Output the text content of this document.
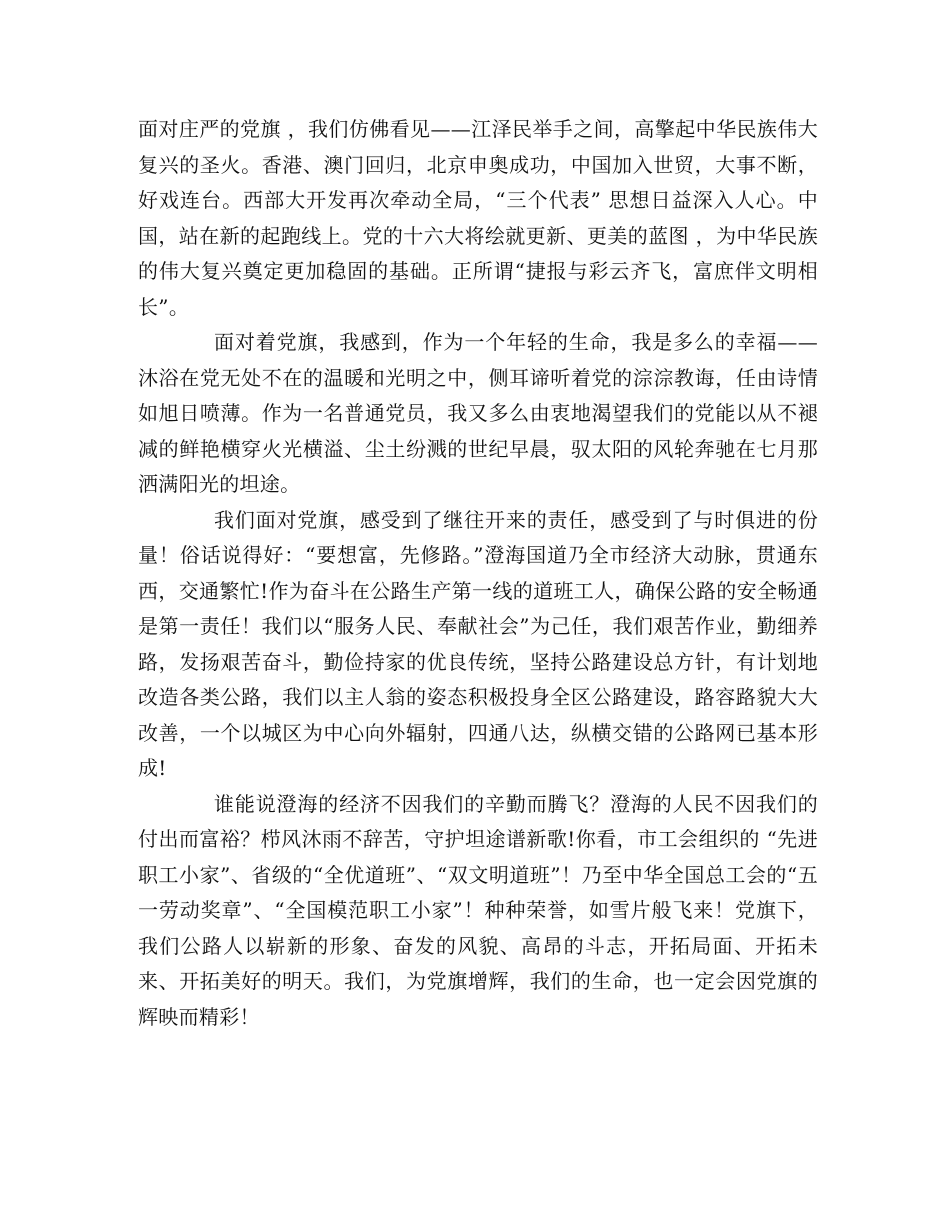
面对庄严的党旗 ，我们仿佛看见——江泽民举手之间，高擎起中华民族伟大复兴的圣火。香港、澳门回归，北京申奥成功，中国加入世贸，大事不断，好戏连台。西部大开发再次牵动全局，“三个代表” 思想日益深入人心。中国，站在新的起跑线上。党的十六大将绘就更新、更美的蓝图 ，为中华民族的伟大复兴奠定更加稳固的基础。正所谓“捷报与彩云齐飞，富庶伴文明相长”。

面对着党旗，我感到，作为一个年轻的生命，我是多么的幸福——沐浴在党无处不在的温暖和光明之中，侧耳谛听着党的淙淙教诲，任由诗情如旭日喷薄。作为一名普通党员，我又多么由衷地渴望我们的党能以从不褪减的鲜艳横穿火光横溢、尘土纷溅的世纪早晨，驭太阳的风轮奔驰在七月那洒满阳光的坦途。

我们面对党旗，感受到了继往开来的责任，感受到了与时俱进的份量！俗话说得好：“要想富，先修路。”澄海国道乃全市经济大动脉，贯通东西，交通繁忙!作为奋斗在公路生产第一线的道班工人，确保公路的安全畅通是第一责任！我们以“服务人民、奉献社会”为己任，我们艰苦作业，勤细养路，发扬艰苦奋斗，勤俭持家的优良传统，坚持公路建设总方针，有计划地改造各类公路，我们以主人翁的姿态积极投身全区公路建设，路容路貌大大改善，一个以城区为中心向外辐射，四通八达，纵横交错的公路网已基本形成!

谁能说澄海的经济不因我们的辛勤而腾飞？澄海的人民不因我们的付出而富裕？栉风沐雨不辞苦，守护坦途谱新歌!你看，市工会组织的 “先进职工小家”、省级的“全优道班”、“双文明道班”！乃至中华全国总工会的“五一劳动奖章”、“全国模范职工小家”！种种荣誉，如雪片般飞来！党旗下，我们公路人以崭新的形象、奋发的风貌、高昂的斗志，开拓局面、开拓未来、开拓美好的明天。我们，为党旗增辉，我们的生命，也一定会因党旗的辉映而精彩！
